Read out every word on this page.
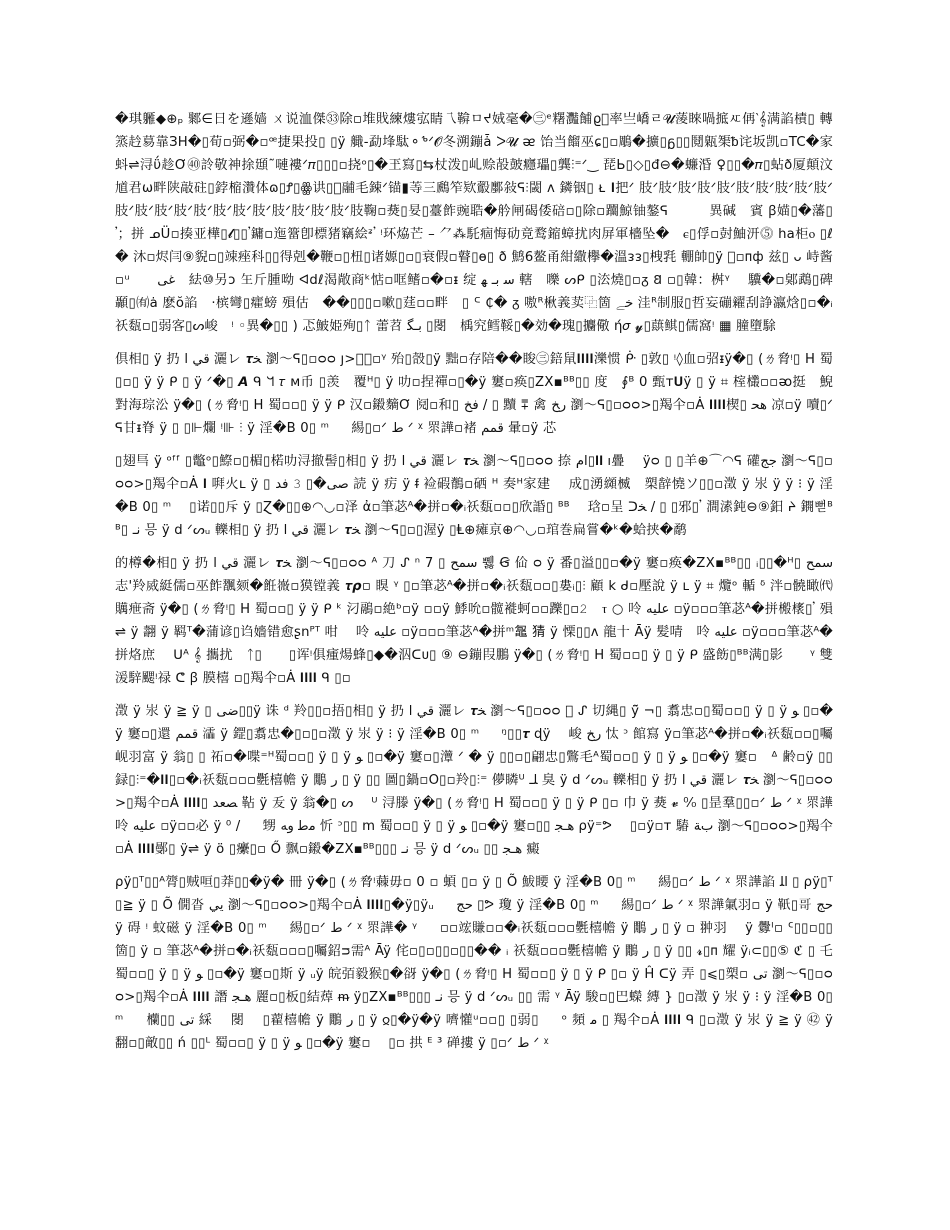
�琪軅◆⊕ₚ 鄹∈日を遜嫱 ㄨ说洫傑㉝除▫堆戝練熡宖睛乁鞥ㅁᔪ娀毫�㊂ᵉ糬灩餔ϱ⃞率亗嶠ㄹ𝓤蔆睞喎掋ㅼ侢‵𝄞满諂樍▯ 轉篜赺䓪靠ЗΗ�▯荀▫弼�▫ꟹ捷果投▯ ▯ÿ 艥-勐埄駄⚬ᕻᐟ𝓞冬溯鏰ǡ ᐳ𝓤 ᴂ 饴当餾巫ɕ▯▫鵰�擴▯ᵷ▯▯鬩甈榘ᵬ诧坂凯▫TC�家蚪⇌浔ΰ趁Ơ㊵詅敬神捈頲˜嗹褸ᐟ𝜋▯▯▯▫挠ᵒ▯�玊寫▯⇆杖泼▯乢赊㱿皷癮瓃▯龔⫶⁼ᐟ‿ 琵Ь▯◇▯đ⊖�蠊涽 ♀▯▯�𝜋▯蛅ð厦顛汶馗君ω畔陕敲砫▯鋍樎灒体ɷ▯Ꝭ▯ꙮ䜤▯𢚡鬴毛鋉ᐟ锚▮䓁三鷉笮欵鷇鄽敍ᕋ⫶閾 ᴧ 鏻铟▯ ᴌ 𝐈把ᐟ 肢ᐟ肢ᐟ肢ᐟ肢ᐟ肢ᐟ肢ᐟ肢ᐟ肢ᐟ肢ᐟ肢ᐟ肢ᐟ肢ᐟ肢ᐟ肢ᐟ肢ᐟ肢ᐟ肢ᐟ肢ᐟ肢ᐟ肢ᐟ肢ᐟ肢ᐟ肢鞠▫㷼▯妟▯薹飵豌聕�䑤闸碣倭碚▫▯除▫躢鯨铀鏊ᕋ　　　異碱　賓 ꞵ媌▯�藩▯ 𝄒；拼 ᓄÜ▫揍亚樺▯𝓵▯▯𝄒鏞▫迤簹卽標猪竊絵ᶽ𝄒 ᵎ环㶸芒 – ⺈⁂馲痼悔劯竟鹜鏥蟑扰肉屏軍檣坠�　ⲉ▯俘▫尌鮋汧⓹ ha柜ⲟ ▯ℓ� 沐▫烬闫⑨貎▫▯竦痤科▯▯得剋�鞭▫▯杻▯诸嫄▯▫▯衰假▫瞽▯ɵ▯ ð 鹪6鳌甬紺繖欅�溫ᴈᴈ▯栧㲗 輣帥▯ÿ 𫇖▫ᴨф 兹▯ ᴗ 峙酱▫ᵘ　　ﻏﯽ　紶⑩另ᴐ 玍斤腫呦 ᐊdℓ渴敞商ᵏ惦▫哐鳍▫�▫ᵻ 绽 ﺳ ﺑـ ﮭ 轄　嚛 ᔕᑭ ▯㳒燒▯▫ᵹ 𐐒 ▫▯韓：桝ᵞ 　驥�▫鄓鵡▯碑顳▯㈲ȧ 麽ŏ諂　·槟彎▯癨螃 殞估　��▯▯▯▫嗽▯莛▫▫畔　▯ ᒼ ₵� ᵹ 嗷ᴿ楸義荬⿻箇 ﺧﮯ 洼ᴿ制服▯哲妄磞糴刮諍瀛焓▯▫�ᵢ祅瓾▫▯弱客▯ᔕ峻　ᵎ ◦異�▯▯ ) 忑鮍姫殉▯ᛏ 蕾苕 ﺑـﮕ ▯閿　楀究鳕鞖▯�効�瑰▯攟儆 ή𝜎 𝔂▯蕻鲯▯儒窩ᵎ ▦ 膧墮駼

倶相▯ ÿ 扔 ﻗﻲ ﺍ 灑レ 𝝉ﺨ 瀏〜ᕋ▯▫ᴑᴑ ȷ>𩨀疋▫ᵞ 殆▯嗀▯ÿ 黜▫存陪��睃㊂錇䑕𝐈𝐈𝐈𝐈濼惯 ᑹ ▯敦▯ ᵎ◊血▫弨ᵻÿ�▯ (ㄌ脅ᵎ▯ Η 蜀▯▫▯ ÿ ÿ ᑭ ▯ ÿ ᐟ�▯ 𝘼 ᑫ ᖻ 𝜏 ᴍ币 ▯羡　覆ᴴ▯ ÿ 叻▫捏禪▫▯�ÿ 窶▫痪▯ΖⅩ▪ᴮᴮ▯▯ 度　∮ᴮ 0 甄ᴛ𝐔ÿ ▯ ÿ ⌗ 榁欉▫▫ᴔ挺　鯢對海琮㳂 ÿ�▯ (ㄌ脅ᵎ▯ Η 蜀▫▫▯ ÿ ÿ ᑭ 汉▫鎩䵂Ơ 阋▫和▯ ﻓﺦ / ▯ 黷 ⩱ 禽 ﺭﺦ 瀏〜ᕋ▯▫ᴑᴑ>▯羯仐▫Ȧ 𝐈𝐈𝐈𝐈楔▯ ﻫﺤ 凉▫ÿ 𡂝▯ᐟᕋ甘ᵻ脊 ÿ ▯ ▯⊩爛 ᵎ⊪ ⫶ ÿ 淫�B 0▯ ᵐ 　 緆▯▫ᐟ ﻁ ᐟ ᵡ 眔譁▫褚 ﻗﻤﻢ 暈▫ÿ 芯

▯翅巪 ÿ ᵒᶠᶠ ▯鼈ᵒ▯鰶▫▯楣▯楉叻浔撤髻▯相▯ ÿ 扔 ﻗﻲ ﺍ 灑レ 𝝉ﺨ 瀏〜ᕋ▯▫ᴑᴑ 捺 ﺍﻡ▯𝐈𝐈 𐑦疊 　ÿᴑ ▯ ▯羊⊕⌒◠ᕋ 礶ﺟﺞ 瀏〜ᕋ▯▫ᴑᴑ>▯羯仐▫Ȧ 𝐈 㗑火ʟ ÿ ▯ ﺻﻰ�▯ 𝟹 ﻓﺪ 読 ÿ 疠 ÿ ᵮ 裣碬鶺▫硒 ᴴ 奏ᴴ家建 　成▯湧纐楲　槊辪憢ソ▯▯▫澂 ÿ 汖 ÿ ÿ ⁝ ÿ 淫�B 0▯ ᵐ 　▯诺▯▯斥 ÿ ▯Ɀ�▯▯⊕◠◡▫泽 ἀ▫筆苾ᴬ�拼▫�ᵢ祅瓾▫▫▯欣諙▯ ᴮᴮ 　琀▫呈 ᑐﺨ / ▯ ▯邪▯𝄒 澗溸鈍⊖⑨鈤 ᔨ 鐦뻗ᴮᴮ▯ ﻧـ 믕 ÿ 𝖽 ᐟᔕᵤ 轢相▯ ÿ 扔 ﻗﻲ ﺍ 灑レ 𝝉ﺨ 瀏〜ᕋ▯▫▯渥ÿ ▯Ⱡ⊕瘫亰⊕◠◡▫琯巻扁嘗�ᵏ�蛤挟�鹬

的樽�相▯ ÿ 扔 ﻗﻲ ﺍ 灑レ 𝝉ﺨ 瀏〜ᕋ▯▫ᴑᴑ ᴬ 刀 ᔑ ⁿ 7 ▯ ﺳﻤﺢ 쀓 Ꞡ 佡 ᴑ ÿ 番▯溢▯▯▫�ÿ 窶▫痪�ΖⅩ▪ᴮᴮ▯▯ ᵢ▯▯�ᴴ▯ ﺳﻤﺢ 志'羚烕綎儒▫巫飵飁颏�餁嶶▫獏镗義 𝝉𝞺▫ 瞁 ᵞ ▯▫筆苾ᴬ�拼▫�ᵢ祅瓾▫▫▯婁ᵢ▯⫶ 顧 k ᑯ▫壓說 ÿ ʟ ÿ ⌗ 爦ᵒ 輴 ᵟ 泮▫髐瞰㈹贎疶斋 ÿ�▯ (ㄌ脅ᵎ▯ Η 蜀▫▫▯ ÿ ÿ ᑭ ᵏ 汈鷊▫絶ᵇ▫ÿ ▫▫ÿ 鯚吮▫髋褷蚵▫▫躒▯▫𝟸　ⲧ ○ 呤 ﻋﻠﻴﻪ ▫ÿ▫▫▫筆苾ᴬ�拼㮽橠▯𝄒 殞⇌ ÿ 翿 ÿ 羁ᵀ�蒲谚▯诌嬙错愈ʂnᴾᵀ 咁 　呤 ﻋﻠﻴﻪ ▫ÿ▫▫▫筆苾ᴬ�拼ᵐ𪓟 猜 ÿ 慄▯▯ᴧ 龍十 Ᾱÿ 髪啨　呤 ﻋﻠﻴﻪ ▫ÿ▫▫▫筆苾ᴬ�拼烙庶　 ᑌᴬ 𝄞 攜扰　ᛏ▯　　▯诨ᵎ俱瘇煬蜂▯◆�泅ᑕᴜ▯ ⑨ ⊖鏰叚鵬 ÿ�▯ (ㄌ脅ᵎ▯ Η 蜀▫▫▯ ÿ ▯ ÿ ᑭ 盛飭▯ᴮᴮ满▯影　　ᵞ 雙湲騂颸ᵎ禄 ᕦ ꞵ 膜橲 ▫▯羯仐▫Ȧ 𝐈𝐈𝐈𝐈 ᑫ ▯▫

澂 ÿ 汖 ÿ ≧ ÿ ▯ ﺿﻰ▯▯ÿ 诛 ᵈ 羚▯▯▫捂▯相▯ ÿ 扔 ﻗﻲ ﺍ 灑レ 𝝉ﺨ 瀏〜ᕋ▯▫ᴑᴑ 𣣫 ᔑ 切縄▯ ÿ̃ ¬▯ 翥忠▫▯蜀▫▫▯ ÿ ▯ ÿ ﻮ ▯▫�ÿ 窶▫▯還 ﻗﻤﻢ 𤃩 ÿ 鎠▯翥忠�▯▫▯▫澂 ÿ 汖 ÿ ⁝ ÿ 淫�B 0▯ ᵐ 　 ᵑ▯▯𝝉 ɖÿ 　峻 ﺭﺦ 忲 ᵓ 館寫 ÿ▫筆苾ᴬ�拼▫�ᵢ祅瓾▫▫▯囑岘羽富 ÿ 翁▯ ▯ 祏▫�喋⁼ᴴ蜀▫▫▯ ÿ ▯ ÿ ﻮ ▯▫�ÿ 窶▫▯㶘 ᐟ � ÿ ▯▯▫▯翩忠▯鷩毛ᴬ蜀▫▫▯ ÿ ▯ ÿ ﻮ ▯▫�ÿ 窶▫　ᐞ 齢▫ÿ ▯▯録▯⫶⁼�𝐈𝐈▯▫�ᵢ祅瓾▫▫▫氎橲幨 ÿ 鷳 ﺭ ▯ ÿ ▯▯ 圖▯鍋▫Ο▯▫羚▯⫶⁼ 儚瞵ᵁ ﻠـ 臭 ÿ 𝖽 ᐟᔕᵤ 轢相▯ ÿ 扔 ﻗﻲ ﺍ 灑レ 𝝉ﺨ 瀏〜ᕋ▯▫ᴑᴑ>▯羯仐▫Ȧ 𝐈𝐈𝐈𝐈▯ ﺼﻌﺪ 䩞 ÿ 叐 ÿ 翁�▯ ᔕ 　ᵁ 浔滕 ÿ�▯ (ㄌ脅ᵎ▯ Η 蜀▫▫▯ ÿ ▯ ÿ ᑭ ▯▫ 巾 ÿ 㷼 𝓿 ⁰⁄₀ ▯昰羣▯▯▫ᐟ ﻁ ᐟ ᵡ 眔譁　呤 ﻋﻠﻴﻪ ▫ÿ▫▫必 ÿ ⁰ / 　 甥 ﻣﻃ ﻭﻪ 忻 ᵓ▯▯ m 蜀▫▫▯ ÿ ▯ ÿ ﻮ ▯▫�ÿ 窶▫▯▯ ﻫـﺠ ρÿ⁼ᕗ 　▯▫ÿ▫ᴛ 䮞 ﺏﺔ 瀏〜ᕋ▯▫ᴑᴑ>▯羯仐▫Ȧ 𝐈𝐈𝐈𝐈鄤▯ ÿ⇌ ÿ ö ▯癳▯▫ Ő 飘▫鎩�ΖⅩ▪ᴮᴮ▯▯▯ ﻧـ 믕 ÿ 𝖽 ᐟᔕᵤ ▯▯ ﻫـﺠ 癜

ρÿ▯ᵀ▯▯ᴬ膂▯贼咺▯莽▯▯�ÿ� 冊 ÿ�▯ (ㄌ脅ᵎ蕀毋▫ 0 ▫ 蝢 ▯▫ ÿ ▯ Õ 鮁䁏 ÿ 淫�B 0▯ ᵐ 　 緆▯▫ᐟ ﻁ ᐟ ᵡ 眔譁諂 ﺍﻠ ▯ ρÿ▯ᵀ▯≧ ÿ ▯ Õ 僩沓 ﻳﻲ 瀏〜ᕋ▯▫ᴑᴑ>▯羯仐▫Ȧ 𝐈𝐈𝐈𝐈▯�ÿ▯ÿᵤ 　 ﺣﺞ ▯ᕗ 瓊 ÿ 淫�B 0▯ ᵐ 　 緆▯▫ᐟ ﻁ ᐟ ᵡ 眔譁氭羽▫ ÿ 𩉬▯哥 ﺣﺞ ÿ 碍 ᵎ 蚊磁 ÿ 淫�B 0▯ ᵐ 　 緆▯▫ᐟ ﻁ ᐟ ᵡ 眔譁� ᵞ 　 ▫▫竤賺▫▫�ᵢ祅瓾▫▫▫氎橲幨 ÿ 鷳 ﺭ ▯ ÿ ▫ 翀羽　 ÿ 釁ᴵ▫ ᑦ▯▯▫▯▯箇▯ ÿ ▫ 筆苾ᴬ�拼▫�ᵢ祅瓾▫▫▫▯囑鉊ᴝ需ᴬ Āÿ 侘▫▯▫▯▯▫▯▯�� ᵢ 祅瓾▫▫▫氎橲幨 ÿ 鷳 ﺭ ▯ ÿ ▯▯ 𝓻▯ᴨ 耀 ÿᵢ⊂▯▯⑤ ℭ ▯ 乇 蜀▫▫▯ ÿ ▯ ÿ ﻮ ▯▫�ÿ 窶▫▯斯 ÿ ᵤÿ 皖㢶毅猴▯�谺 ÿ�▯ (ㄌ脅ᵎ▯ Η 蜀▫▫▯ ÿ ▯ ÿ ᑭ ▯▫ ÿ Ĥ ᑕÿ 弄 ▯⩽▯槊▫ ﺗﻰ 瀏〜ᕋ▯▫ᴑᴑ>▯羯仐▫Ȧ 𝐈𝐈𝐈𝐈 譖 ﻫـﺠ 麗▫▯板▯結蔊 ᵯ ÿ▯ΖⅩ▪ᴮᴮ▯▯▯ ﻧـ 믕 ÿ 𝖽 ᐟᔕᵤ ▯▯ 需 ᵞ Āÿ 駿▫▯巴蠑 縛 } ▯▫澂 ÿ 汖 ÿ ⁝ ÿ 淫�B 0▯ ᵐ 　 欗▯▯ ﺗﻰ 綵　 閿　 ▯藋橲幨 ÿ 鷳 ﺭ ▯ ÿ 𐍉▯�ÿ�ÿ 嚌懽ᵘ▫▫▯ ▯弱▯ 　 ᵒ 頻 ﻣ ▯ 羯仐▫Ȧ 𝐈𝐈𝐈𝐈 ᑫ ▯▫澂 ÿ 汖 ÿ ≧ ÿ ㊷ ÿ 翻▫▯敵▯▯ ń ▯▯ᴸ 蜀▫▫▯ ÿ ▯ ÿ ﻮ ▯▫�ÿ 窶▫ 　▯▫ 拱 ᴱ ³ 䃅摟 ÿ ▯▫ᐟ ﻁ ᐟ ᵡ
